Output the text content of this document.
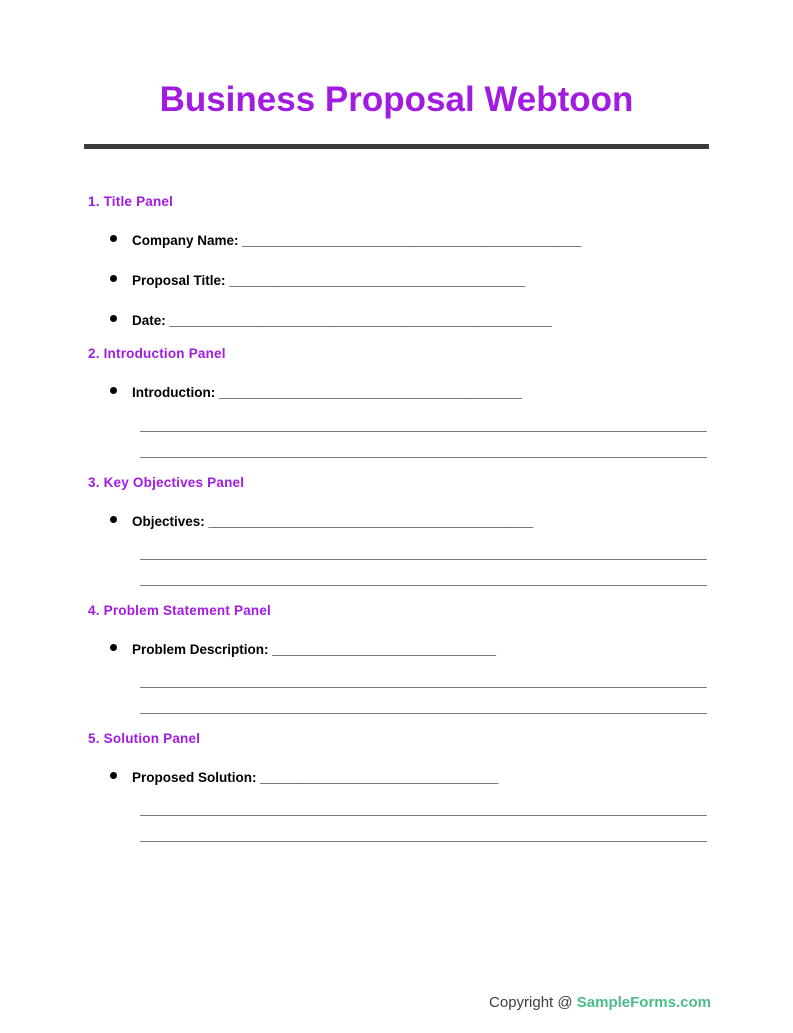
Business Proposal Webtoon
1. Title Panel
Company Name: _______________________________________________
Proposal Title: _________________________________________
Date: _____________________________________________________
2. Introduction Panel
Introduction: __________________________________________
3. Key Objectives Panel
Objectives: _____________________________________________
4. Problem Statement Panel
Problem Description: _______________________________
5. Solution Panel
Proposed Solution: _________________________________
Copyright @ SampleForms.com
